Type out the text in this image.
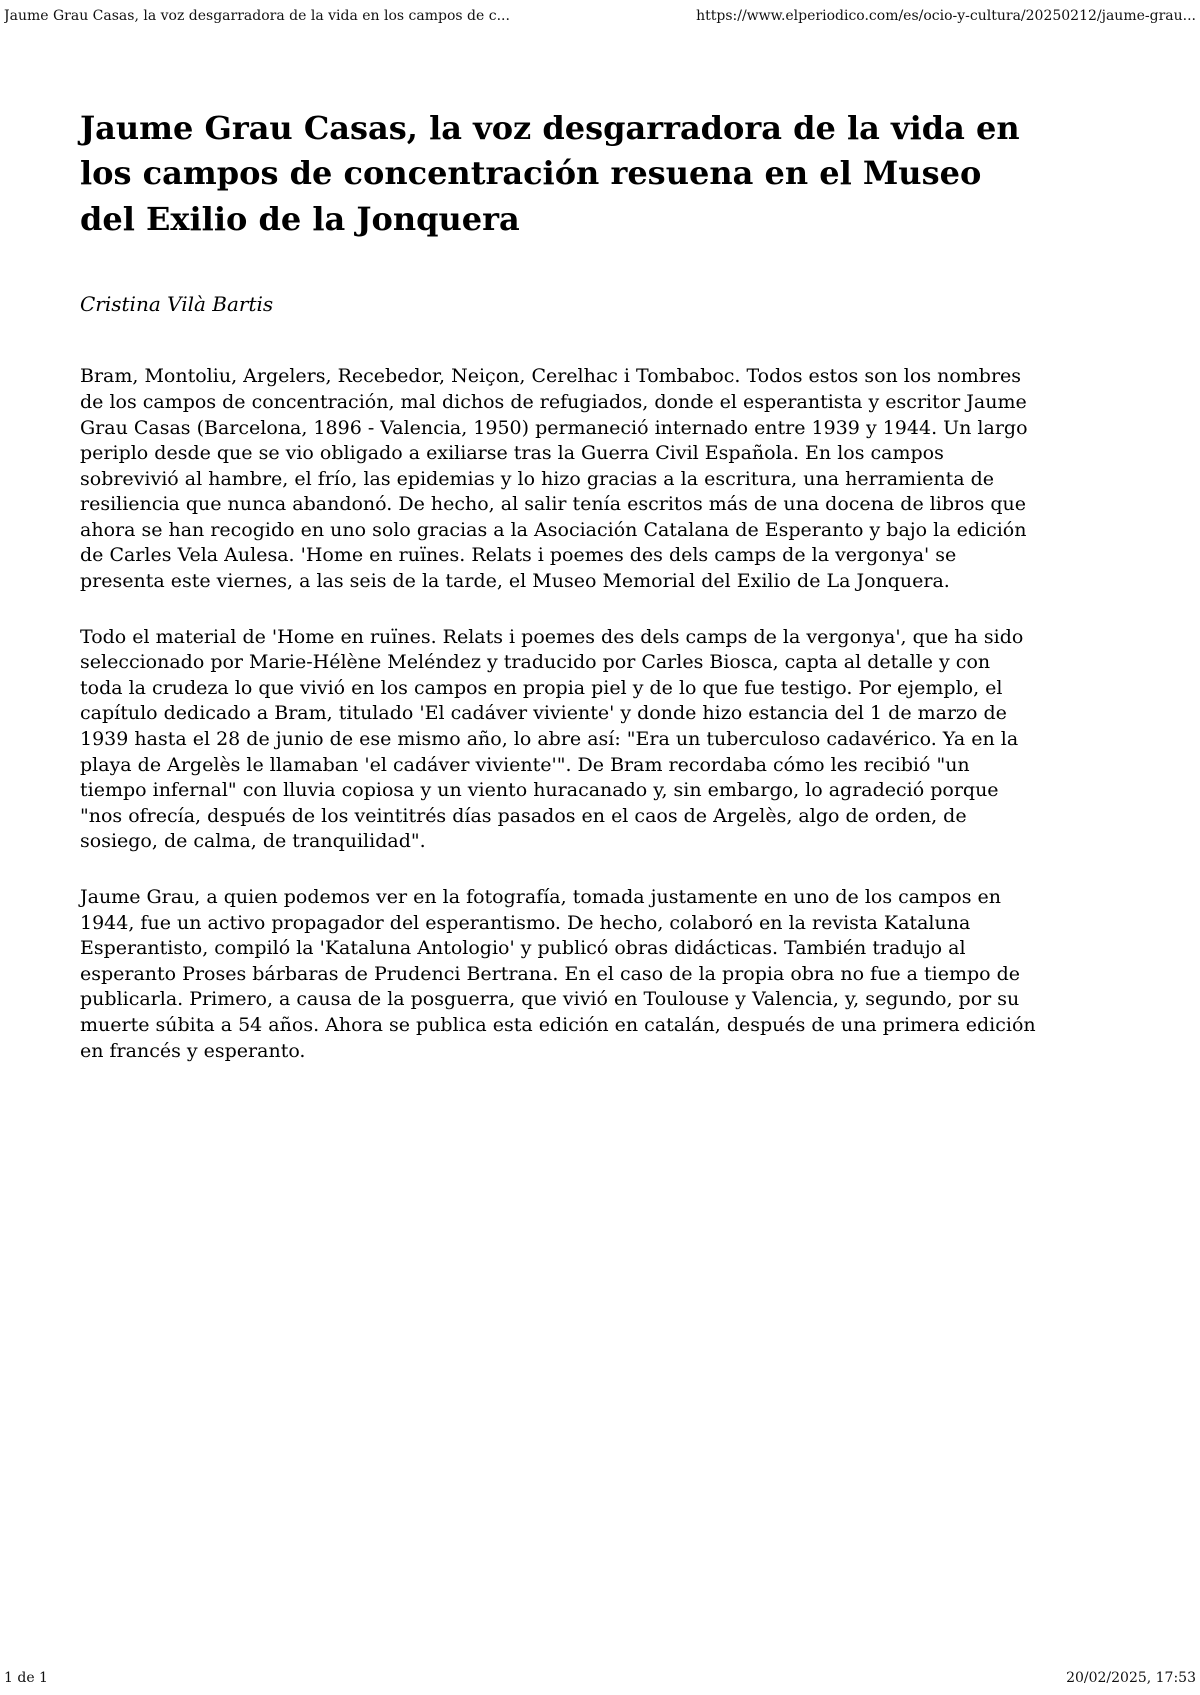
Jaume Grau Casas, la voz desgarradora de la vida en los campos de c...	https://www.elperiodico.com/es/ocio-y-cultura/20250212/jaume-grau...
Jaume Grau Casas, la voz desgarradora de la vida en los campos de concentración resuena en el Museo del Exilio de la Jonquera
Cristina Vilà Bartis

Bram, Montoliu, Argelers, Recebedor, Neiçon, Cerelhac i Tombaboc. Todos estos son los nombres de los campos de concentración, mal dichos de refugiados, donde el esperantista y escritor Jaume Grau Casas (Barcelona, 1896 - Valencia, 1950) permaneció internado entre 1939 y 1944. Un largo periplo desde que se vio obligado a exiliarse tras la Guerra Civil Española. En los campos sobrevivió al hambre, el frío, las epidemias y lo hizo gracias a la escritura, una herramienta de resiliencia que nunca abandonó. De hecho, al salir tenía escritos más de una docena de libros que ahora se han recogido en uno solo gracias a la Asociación Catalana de Esperanto y bajo la edición de Carles Vela Aulesa. 'Home en ruïnes. Relats i poemes des dels camps de la vergonya' se presenta este viernes, a las seis de la tarde, el Museo Memorial del Exilio de La Jonquera.

Todo el material de 'Home en ruïnes. Relats i poemes des dels camps de la vergonya', que ha sido seleccionado por Marie-Hélène Meléndez y traducido por Carles Biosca, capta al detalle y con toda la crudeza lo que vivió en los campos en propia piel y de lo que fue testigo. Por ejemplo, el capítulo dedicado a Bram, titulado 'El cadáver viviente' y donde hizo estancia del 1 de marzo de 1939 hasta el 28 de junio de ese mismo año, lo abre así: "Era un tuberculoso cadavérico. Ya en la playa de Argelès le llamaban 'el cadáver viviente'". De Bram recordaba cómo les recibió "un tiempo infernal" con lluvia copiosa y un viento huracanado y, sin embargo, lo agradeció porque "nos ofrecía, después de los veintitrés días pasados en el caos de Argelès, algo de orden, de sosiego, de calma, de tranquilidad".

Jaume Grau, a quien podemos ver en la fotografía, tomada justamente en uno de los campos en 1944, fue un activo propagador del esperantismo. De hecho, colaboró en la revista Kataluna Esperantisto, compiló la 'Kataluna Antologio' y publicó obras didácticas. También tradujo al esperanto Proses bárbaras de Prudenci Bertrana. En el caso de la propia obra no fue a tiempo de publicarla. Primero, a causa de la posguerra, que vivió en Toulouse y Valencia, y, segundo, por su muerte súbita a 54 años. Ahora se publica esta edición en catalán, después de una primera edición en francés y esperanto.

1 de 1	20/02/2025, 17:53
